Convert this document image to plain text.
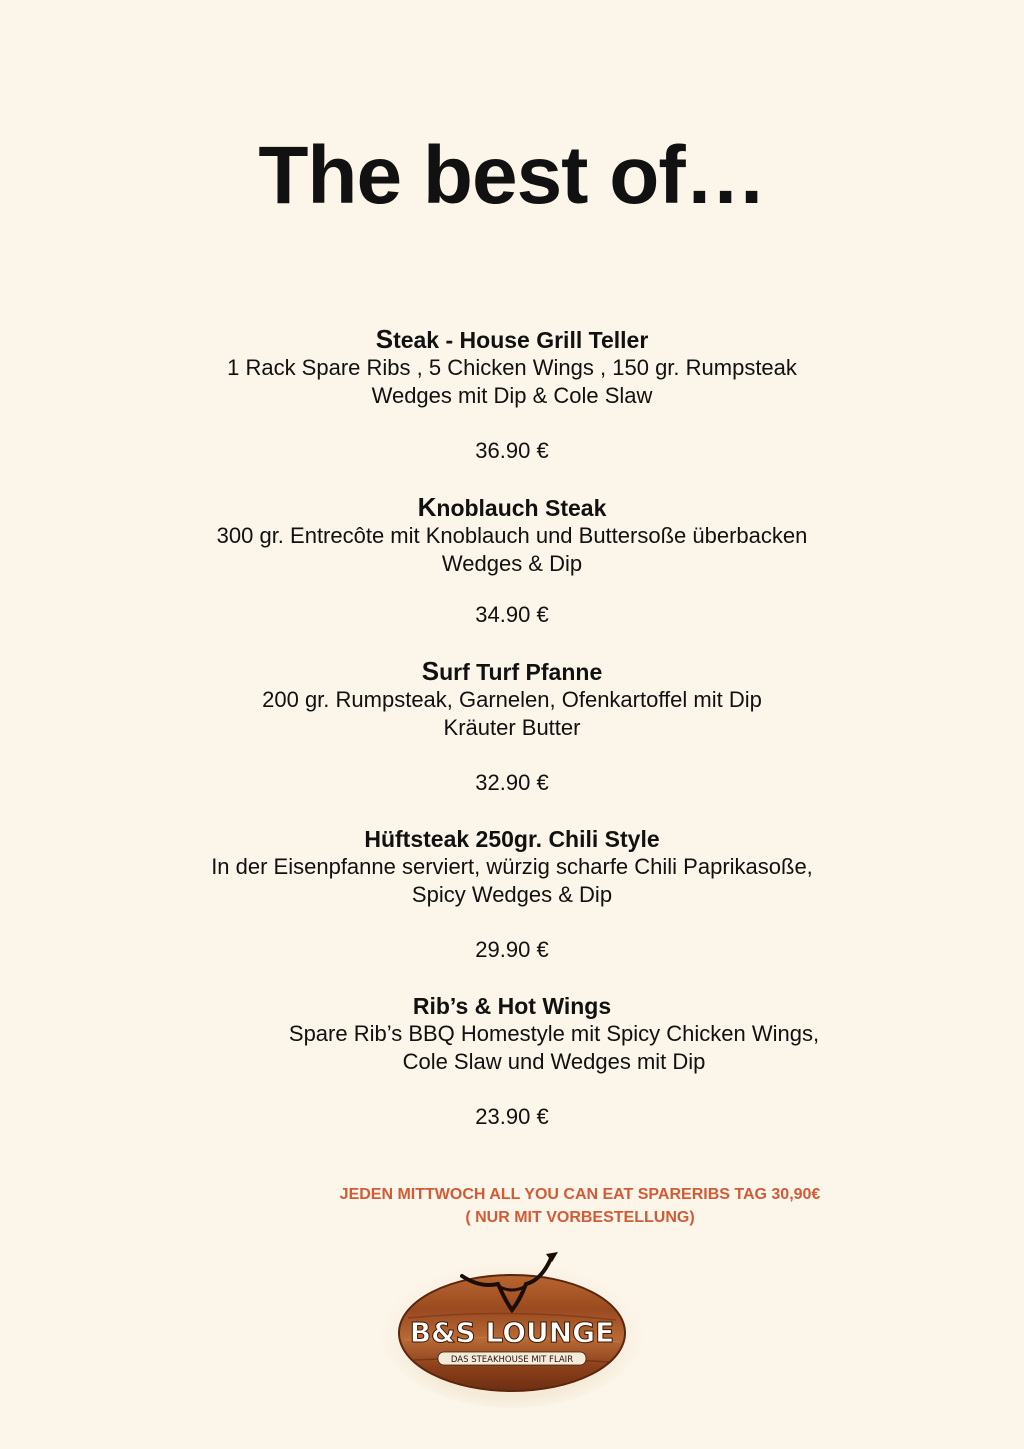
The best of…

Steak - House Grill Teller

1 Rack Spare Ribs , 5 Chicken Wings , 150 gr. Rumpsteak

Wedges mit Dip & Cole Slaw

36.90 €

Knoblauch Steak

300 gr. Entrecôte mit Knoblauch und Buttersoße überbacken

Wedges & Dip

34.90 €

Surf Turf Pfanne

200 gr. Rumpsteak, Garnelen, Ofenkartoffel mit Dip

Kräuter Butter

32.90 €

Hüftsteak 250gr. Chili Style

In der Eisenpfanne serviert, würzig scharfe Chili Paprikasoße,

Spicy Wedges & Dip

29.90 €

Rib’s & Hot Wings

Spare Rib’s BBQ Homestyle mit Spicy Chicken Wings,

Cole Slaw und Wedges mit Dip

23.90 €
JEDEN MITTWOCH ALL YOU CAN EAT SPARERIBS TAG 30,90€
( NUR MIT VORBESTELLUNG)
B&S LOUNGE
DAS STEAKHOUSE MIT FLAIR
